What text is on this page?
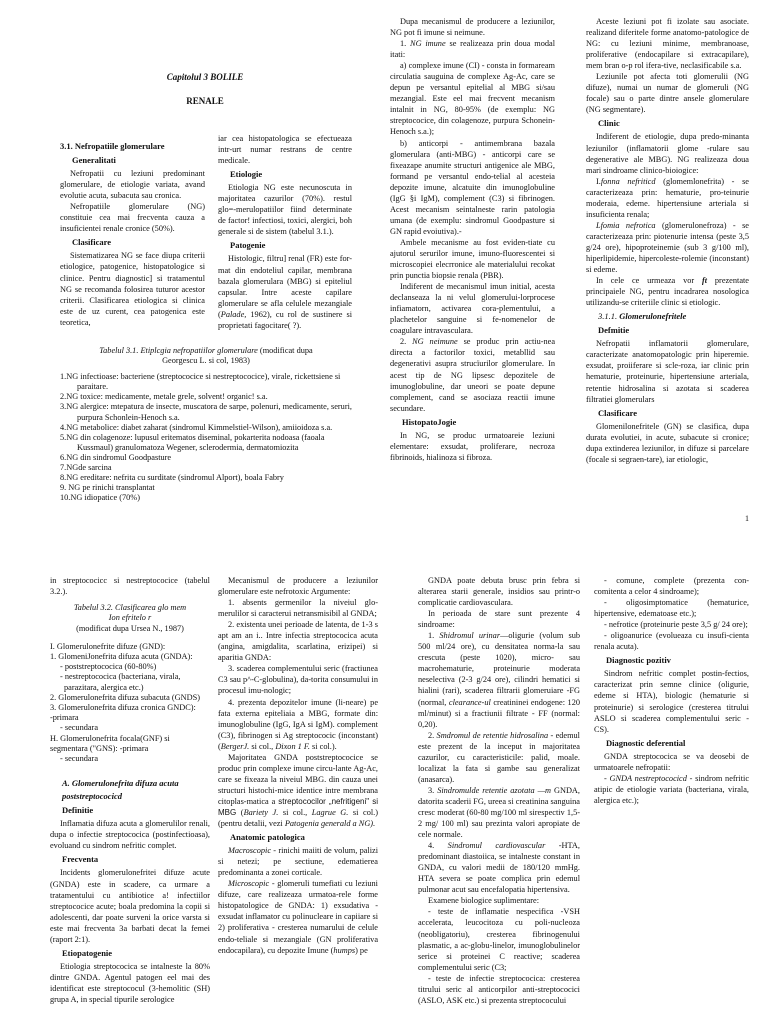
Capitolul 3 BOLILE
RENALE
3.1. Nefropatiile glomerulare
Generalitati

Nefropatii cu leziuni predominant glomerulare, de etiologie variata, avand evolutie acuta, subacuta sau cronica.

Nefropatiile glomerulare (NG) constituie cea mai frecventa cauza a insuficientei renale cronice (50%).

Clasificare

Sistematizarea NG se face diupa criterii etiologice, patogenice, histopatologice si clinice. Pentru diagnostic] si tratamentul NG se recomanda folosirea tuturor acestor criterii. Clasificarea etiologica si clinica este de uz curent, cea patogenica este teoretica,

iar cea histopatologica se efectueaza intr-urt numar restrans de centre medicale.

Etiologie

Etiologia NG este necunoscuta in majoritatea cazurilor (70%). restul glo=-merulopatiilor fiind determinate de factor! infectiosi, toxici, alergici, boh generale si de sistem (tabelul 3.1.).

Patogenie

Histologic, filtru] renal (FR) este for-mat din endoteliul capilar, membrana bazala glomerulara (MBG) si epiteliul capsular. Intre aceste capilare glomerulare se afla celulele mezangiale (Palade, 1962), cu rol de sustinere si proprietati fagocitare( ?).

Tabelul 3.1. Etiplcgia nefropatiilor glomerulare (modificat dupa
Georgescu L. si col, 1983)
1.NG infectioase: bacteriene (streptococice si nestreptococice), virale, rickettsiene si
paraitare.
2.NG toxice: medicamente, metale grele, solvent! organic! s.a.
3.NG alergice: mtepatura de insecte, muscatora de sarpe, polenuri, medicamente, seruri,
purpura Schonlein-Henoch s.a.
4.NG metabolice: diabet zaharat (sindromul Kimmelstiel-Wilson), amiioidoza s.a.
5.NG din colagenoze: lupusul eritematos diseminal, pokarterita nodoasa (faoala
Kussmaul) granulomatoza Wegener, sclerodermia, dermatomiozita
6.NG din sindromul Goodpasture
7.NGde sarcina
8.NG ereditare: nefrita cu surditate (sindromul Alport), boala Fabry
9. NG pe rinichi transplantat
10.NG idiopatice (70%)

Dupa mecanismul de producere a leziunilor, NG pot fi imune si neimune.

1. NG imune se realizeaza prin doua modal itati:

a) complexe imune (CI) - consta in formaream circulatia sauguina de complexe Ag-Ac, care se depun pe versantul epitelial al MBG si/sau mezangial. Este eel mai frecvent mecanism intalnit in NG, 80-95% (de exemplu: NG streptococice, din colagenoze, purpura Schonein-Henoch s.a.);

b) anticorpi - antimembrana bazala glomerulara (anti-MBG) - anticorpi care se fixeazape anumite structuri antigenice ale MBG, formand pe versantul endo-telial al acesteia depozite imune, alcatuite din imunoglobuline (IgG §i IgM), complement (C3) si fibrinogen. Acest mecanism seintalneste rarin patologia umana (de exemplu: sindromul Goodpasture si GN rapid evoiutiva).-

Ambele mecanisme au fost eviden-tiate cu ajutorul serurilor imune, imuno-fluorescentei si microscopiei elecrronice ale materialului recokat prin punctia biopsie renala (PBR).

Indiferent de mecanismul imun initial, acesta declanseaza la ni velul glomerului-lorprocese infiamatorn, activarea cora-plementului, a plachetelor sanguine si fe-nomenelor de coagulare intravasculara.

2. NG neimune se produc prin actiu-nea directa a factorilor toxici, metabllid sau degenerativi asupra strucïurilor glomerulare. In acest tip de NG lipsesc depozitele de imunoglobuline, dar uneori se poate depune complement, cand se asociaza reactii imune secundare.

HistopatoJogie

In NG, se produc urmatoareie leziuni elementare: exsudat, proliferare, necroza fibrinoids, hialinoza si fibroza.

Aceste leziuni pot fi izolate sau asociate. realizand diferitele forme anatomo-patologice de NG: cu leziuni minime, membranoase, proliferative (endocapilare si extracapilare), mem bran o-p rol ifera-tive, neclasificabile s.a.

Leziunile pot afecta toti glomerulii (NG difuze), numai un numar de glomeruli (NG focale) sau o parte dintre ansele glomerulare (NG segmentare).

Clinic

Indiferent de etiologie, dupa predo-minanta leziunilor (inflamatorii glome -rulare sau degenerative ale MBG). NG realizeaza doua mari sindroame clinico-bioiogice:

I.fonna nefriticd (glomemlonefrita) - se caracterizeaza prin: hematurie, pro-teinurie moderaia, edeme. hipertensiune arteriala si insuficienta renala;

Lfomia nefrotica (glomerulonefroza) - se caracterizeaza prin: piotenurie intensa (peste 3,5 g/24 ore), hipoproteinemie (sub 3 g/100 ml), hiperlipidemie, hipercoleste-rolemie (inconstant) si edeme.

In cele ce urmeaza vor ft prezentate principaiele NG, pentru incadrarea nosologica utilizandu-se criteriile clinic si etiologic.

3.1.1. Glomerulonefritele
Defmitie

Nefropatii inflamatorii glomerulare, caracterizate anatomopatologic prin hiperemie. exsudat, proiiferare si scle-roza, iar clinic prin hematurie, proteinurie, hipertensiune arteriala, retentie hidrosalina si azotata si scaderea filtratiei glomerulars

Clasificare

Glomenilonefritele (GN) se clasifica, dupa durata evolutiei, in acute, subacute si cronice; dupa extinderea leziunilor, in difuze si parcelare (focale si segraen-tare), iar etiologic,

1

in streptococicc si nestreptococice (tabelul 3.2.).

Tabelul 3.2. Clasificarea glo mem
Ion efritelo r
(modificat dupa Ursea N., 1987)
I. Glomerulonefrite difuze (GND):
1. GlomeniJonefrita difuza acuta (GNDA):
- poststreptococica (60-80%)
- nestreptococica (bacteriana, virala,
parazitara, alergica etc.)
2. Glomerulonefrita difuza subacuta (GNDS)
3. Glomerulonefrita difuza cronica GNDC):
-primara
- secundara
H. Glomerulonefrita focala(GNF) si
segmentara ("GNS): -primara
- secundara
A. Glomerulonefrita difuza acuta
poststreptococicd
Definitie

Inflamatia difuza acuta a glomerulilor renali, dupa o infectie streptococica (postinfectioasa), evoluand cu sindrom nefritic complet.

Frecventa

Incidents glomerulonefritei difuze acute (GNDA) este in scadere, ca urmare a tratamentului cu antibiotice a! infectiilor streptococice acute; boala predomina la copii si adolescenti, dar poate surveni la orice varsta si este mai frecventa 3a barbati decat la femei (raport 2:1).

Etiopatogenie

Etiologia streptococica se intalneste la 80% dintre GNDA. Agentul patogen eel mai des identificat este streptococul (3-hemolitic (SH) grupa A, in special tipurile serologice

Mecanismul de producere a leziunilor glomerulare este nefrotoxic Argumente:

1. absents germenilor la niveiul glo-merulilor si caracterui netransmisibil al GNDA;

2. existenta unei perioade de latenta, de 1-3 s apt am an i.. Intre infectia streptococica acuta (angina, amigdalita, scarlatina, erizipei) si aparitia GNDA:

3. scaderea complementului seric (fractiunea C3 sau p^-C-globulina), da-torita consumului in procesul imu-nologic;

4. prezenta depozitelor imune (li-neare) pe fata externa epiteliaia a MBG, formate din: imunoglobuline (IgG, IgA si IgM). complement (C3), fibrinogen si Ag streptococic (inconstant) (BergerJ. si col., Dixon 1 F. si col.).

Majoritatea GNDA poststreptococice se produc prin complexe imune circu-lante Ag-Ac, care se fixeaza la niveiul MBG. din cauza unei structuri histochi-mice identice intre membrana citoplas-matica a streptococilor „nefritigeni" si MBG (Bariety J. si col., Lagrue G. si col.) (pentru detalii, vezi Patogenia generald a NG).

Anatomic patologica

Macroscopic - rinichi maiiti de volum, palizi si netezi; pe sectiune, edematierea predominanta a zonei corticale.

Microscopic - glomeruli tumefiati cu leziuni difuze, care realizeaza urmatoa-rele forme histopatologice de GNDA: 1) exsudativa - exsudat inflamator cu polinucleare in capiiare si 2) proliferativa - cresterea numarului de celule endo-teliale si mezangiale (GN proliferativa endocapilara), cu depozite Imune (humps) pe

GNDA poate debuta brusc prin febra si alterarea starii generale, insidios sau printr-o complicatie cardiovasculara.

In perioada de stare sunt prezente 4 sindroame:

1. Shidromul urinar—oligurie (volum sub 500 ml/24 ore), cu densitatea norma-la sau crescuta (peste 1020), micro- sau macrohematurie, proteinurie moderata neselectiva (2-3 g/24 ore), cilindri hematici si hialini (rari), scaderea filtrarii glomeruiare -FG (normal, clearance-ul creatininei endogene: 120 ml/minut) si a fractiunii filtrate - FF (normal: 0,20).

2. Smdromul de retentie hidrosalina - edemul este prezent de la inceput in majoritatea cazurilor, cu caracteristicile: palid, moale. localizat la fata si gambe sau generalizat (anasarca).

3. Sindromulde retentie azotata —m GNDA, datorita scaderii FG, ureea si creatinina sanguina cresc moderat (60-80 mg/100 ml sirespectiv 1,5-2 mg/ 100 ml) sau prezinta valori apropiate de cele normale.

4. Sindromul cardiovascular -HTA, predominant diastoiica, se intalneste constant in GNDA, cu valori medii de 180/120 mmHg. HTA severa se poate complica prin edemul pulmonar acut sau encefalopatia hipertensiva.

Examene biologice suplimentare:

- teste de inflamatie nespecifica -VSH accelerata, leucocitoza cu poli-nucleoza (neobligatoriu), cresterea fibrinogenului plasmatic, a ac-globu-linelor, imunoglobulinelor serice si proteinei C reactive; scaderea complementului seric (C3;

- teste de infectie streptococica: cresterea titrului seric al anticorpilor anti-streptococici (ASLO, ASK etc.) si prezenta streptococului

- comune, complete (prezenta con-comitenta a celor 4 sindroame);

- oligosimptomatice (hematurice, hipertensive, edematoase etc.);

- nefrotice (proteinurie peste 3,5 g/ 24 ore);

- oligoanurice (evolueaza cu insufi-cienta renala acuta).

Diagnostic pozitiv

Sindrom nefritic complet postin-fectios, caracterizat prin semne clinice (oligurie, edeme si HTA), biologic (hematurie si proteinurie) si serologice (cresterea titrului ASLO si scaderea complementului seric - CS).

Diagnostic deferential

GNDA streptococica se va deosebi de urmatoarele nefropatii:

- GNDA nestreptococicd - sindrom nefritic atipic de etiologie variata (bacteriana, virala, alergica etc.);
